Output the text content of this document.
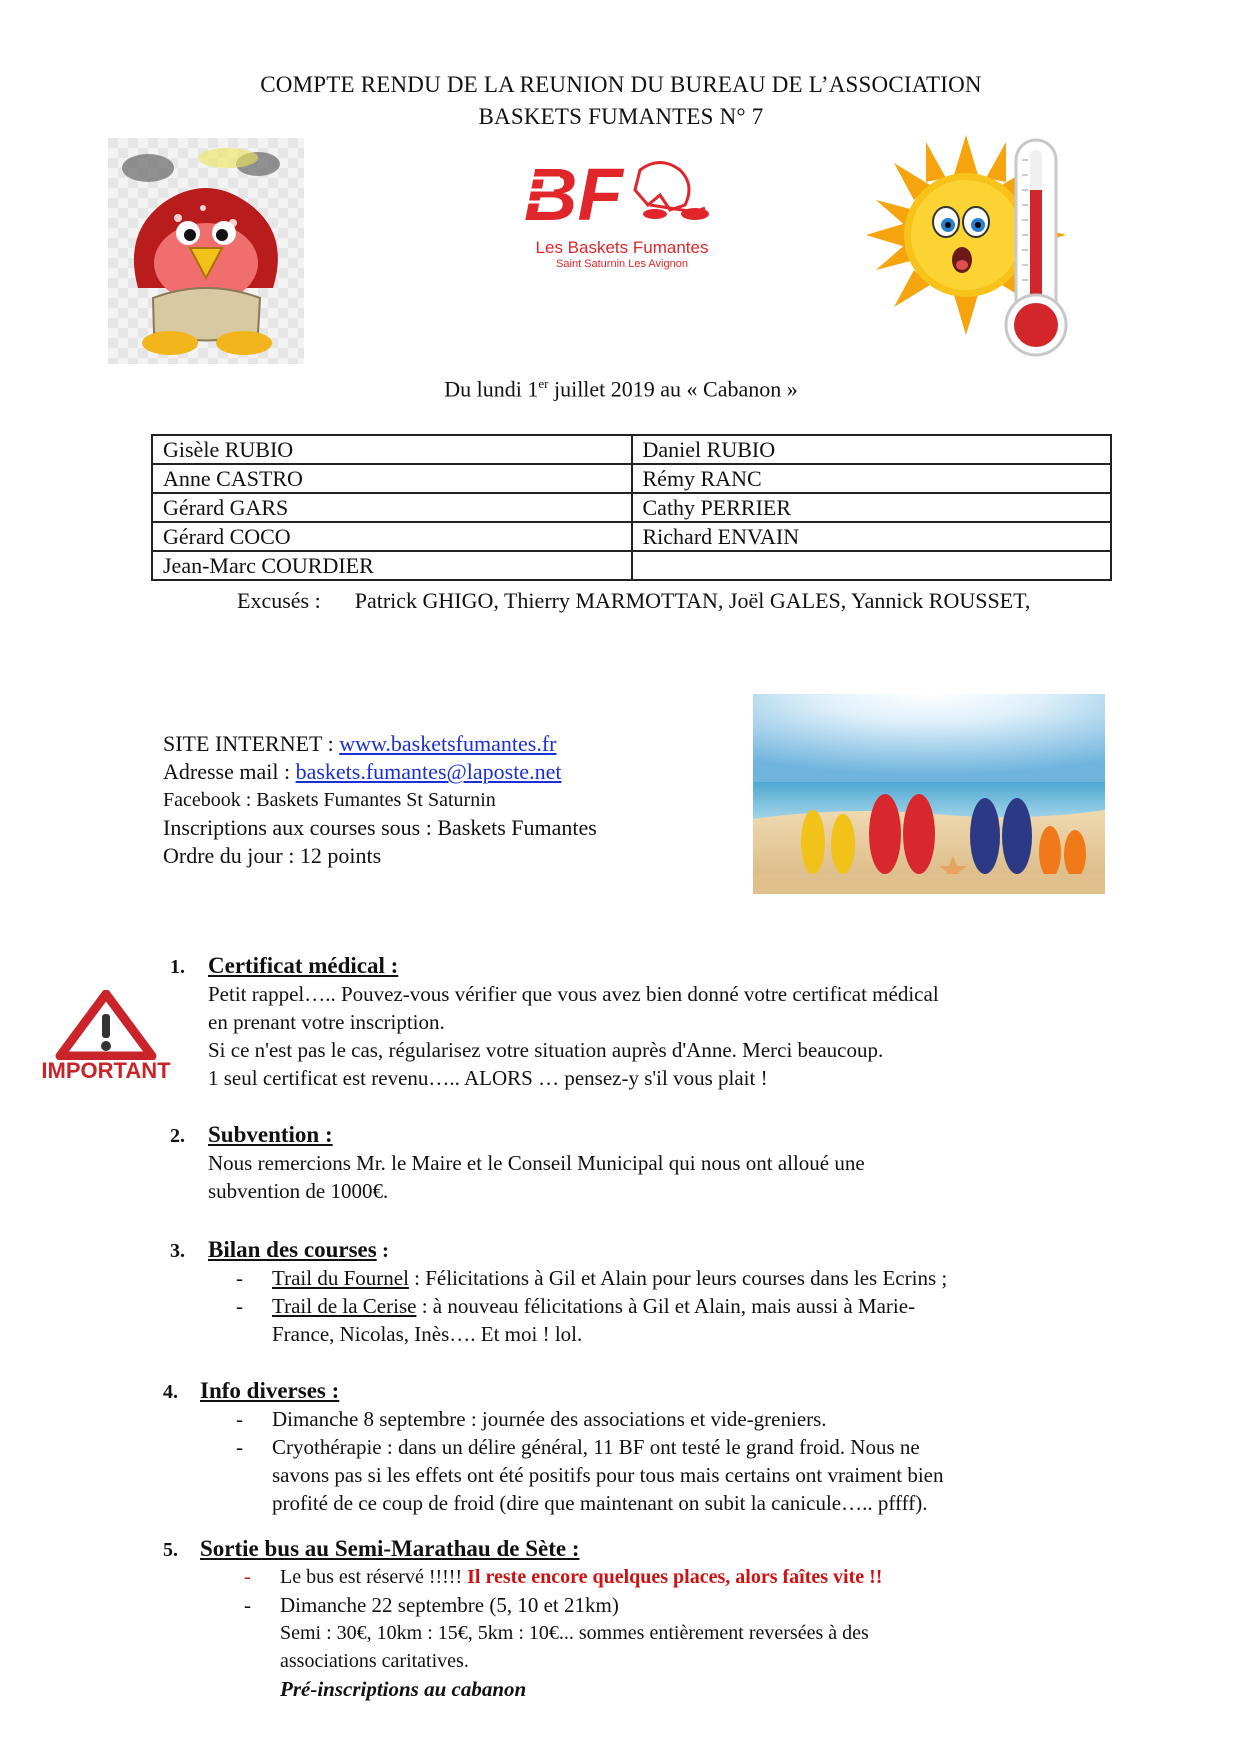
COMPTE RENDU DE LA REUNION DU BUREAU DE L’ASSOCIATION
BASKETS FUMANTES N° 7
BF
Les Baskets Fumantes
Saint Saturnin Les Avignon
Du lundi 1er juillet 2019 au « Cabanon »
Gisèle RUBIO	Daniel RUBIO
Anne CASTRO	Rémy RANC
Gérard GARS	Cathy PERRIER
Gérard COCO	Richard ENVAIN
Jean-Marc COURDIER	
Excusés : Patrick GHIGO, Thierry MARMOTTAN, Joël GALES, Yannick ROUSSET,
SITE INTERNET : www.basketsfumantes.fr
Adresse mail : baskets.fumantes@laposte.net
Facebook : Baskets Fumantes St Saturnin
Inscriptions aux courses sous : Baskets Fumantes
Ordre du jour : 12 points
IMPORTANT
1. Certificat médical :

Petit rappel….. Pouvez-vous vérifier que vous avez bien donné votre certificat médical

en prenant votre inscription.

Si ce n'est pas le cas, régularisez votre situation auprès d'Anne. Merci beaucoup.

1 seul certificat est revenu….. ALORS … pensez-y s'il vous plait !

2. Subvention :

Nous remercions Mr. le Maire et le Conseil Municipal qui nous ont alloué une

subvention de 1000€.

3. Bilan des courses :

- Trail du Fournel : Félicitations à Gil et Alain pour leurs courses dans les Ecrins ;

- Trail de la Cerise : à nouveau félicitations à Gil et Alain, mais aussi à Marie-

France, Nicolas, Inès…. Et moi ! lol.

4. Info diverses :

- Dimanche 8 septembre : journée des associations et vide-greniers.

- Cryothérapie : dans un délire général, 11 BF ont testé le grand froid. Nous ne

savons pas si les effets ont été positifs pour tous mais certains ont vraiment bien

profité de ce coup de froid (dire que maintenant on subit la canicule….. pffff).

5. Sortie bus au Semi-Marathau de Sète :

- Le bus est réservé !!!!! Il reste encore quelques places, alors faîtes vite !!

- Dimanche 22 septembre (5, 10 et 21km)

Semi : 30€, 10km : 15€, 5km : 10€... sommes entièrement reversées à des

associations caritatives.

Pré-inscriptions au cabanon
